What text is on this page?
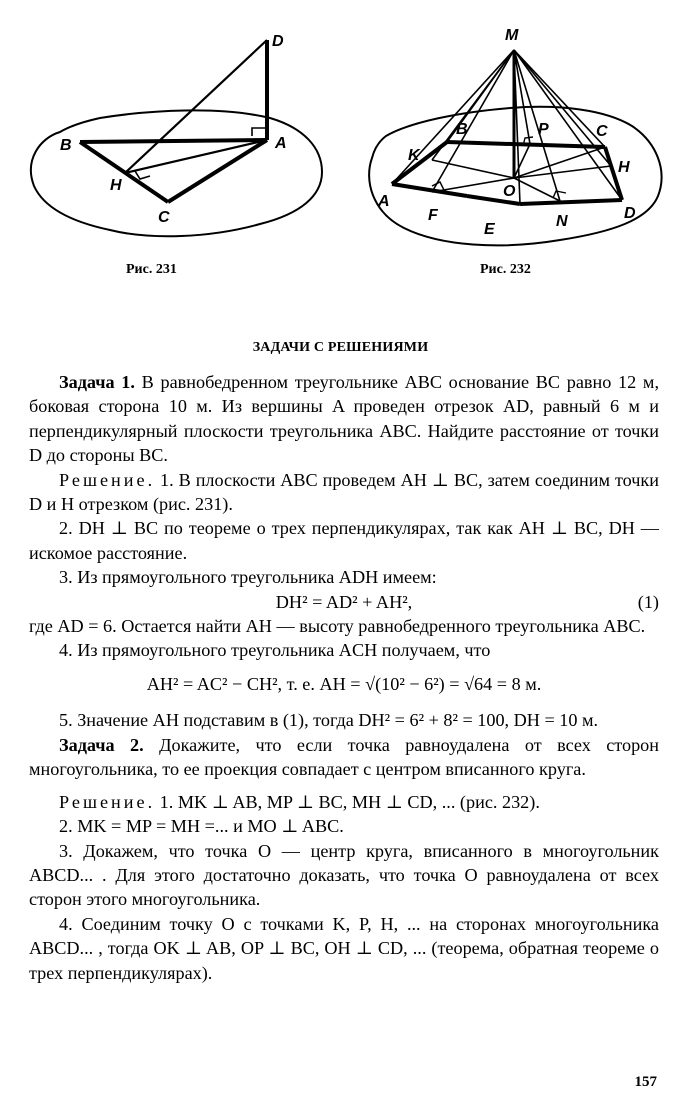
D
A
B
H
C
Рис. 231
M
B	P	C
K
H
A
O
D
F
E	N
Рис. 232
ЗАДАЧИ С РЕШЕНИЯМИ

Задача 1. В равнобедренном треугольнике ABC основание BC равно 12 м, боковая сторона 10 м. Из вершины A проведен отрезок AD, равный 6 м и перпендикулярный плоскости треугольника ABC. Найдите расстояние от точки D до стороны BC.

Решение. 1. В плоскости ABC проведем AH ⊥ BC, затем соединим точки D и H отрезком (рис. 231).

2. DH ⊥ BC по теореме о трех перпендикулярах, так как AH ⊥ BC, DH — искомое расстояние.

3. Из прямоугольного треугольника ADH имеем:

DH² = AD² + AH²,	(1)

где AD = 6. Остается найти AH — высоту равнобедренного треугольника ABC.

4. Из прямоугольного треугольника ACH получаем, что

AH² = AC² − CH², т. е. AH = √(10² − 6²) = √64 = 8 м.

5. Значение AH подставим в (1), тогда DH² = 6² + 8² = 100, DH = 10 м.

Задача 2. Докажите, что если точка равноудалена от всех сторон многоугольника, то ее проекция совпадает с центром вписанного круга.

Решение. 1. MK ⊥ AB, MP ⊥ BC, MH ⊥ CD, ... (рис. 232).

2. MK = MP = MH =... и MO ⊥ ABC.

3. Докажем, что точка O — центр круга, вписанного в многоугольник ABCD... . Для этого достаточно доказать, что точка O равноудалена от всех сторон этого многоугольника.

4. Соединим точку O с точками K, P, H, ... на сторонах многоугольника ABCD... , тогда OK ⊥ AB, OP ⊥ BC, OH ⊥ CD, ... (теорема, обратная теореме о трех перпендикулярах).

157
